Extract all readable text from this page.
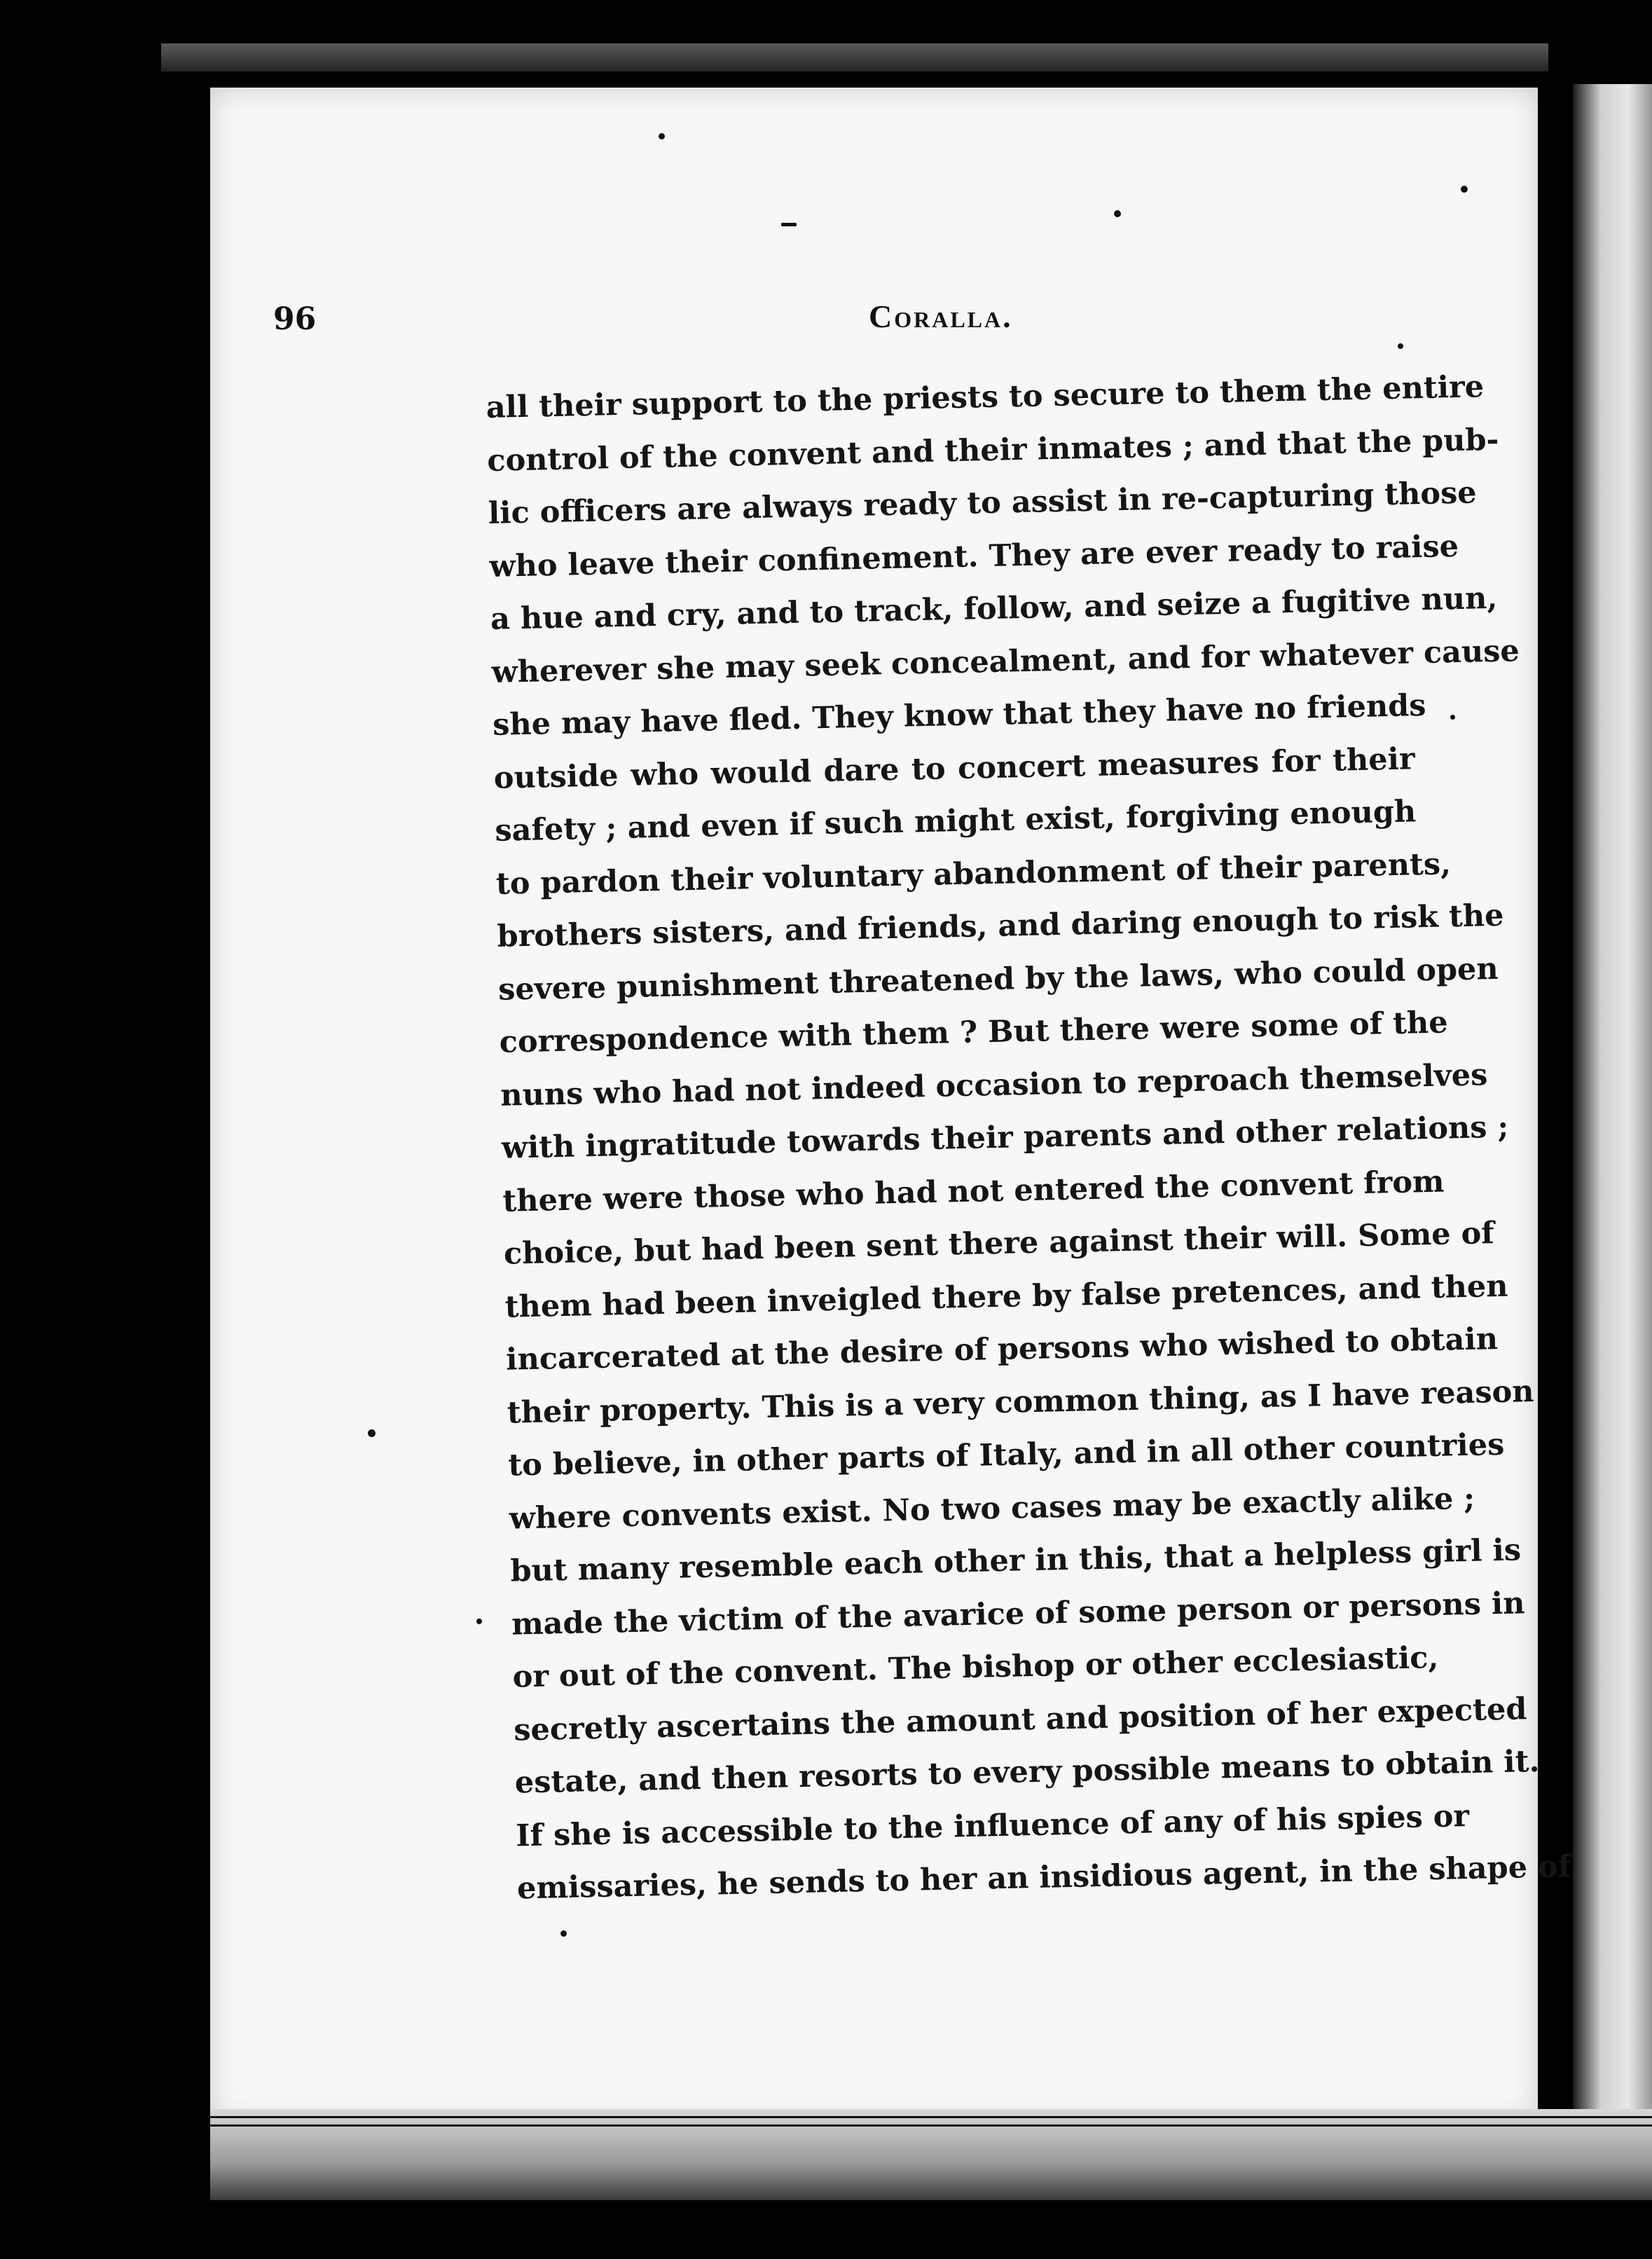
96	Coralla.
all their support to the priests to secure to them the entire
control of the convent and their inmates ; and that the pub-
lic officers are always ready to assist in re-capturing those
who leave their confinement. They are ever ready to raise
a hue and cry, and to track, follow, and seize a fugitive nun,
wherever she may seek concealment, and for whatever cause
she may have fled. They know that they have no friends
outside who would dare to concert measures for their
safety ; and even if such might exist, forgiving enough
to pardon their voluntary abandonment of their parents,
brothers sisters, and friends, and daring enough to risk the
severe punishment threatened by the laws, who could open
correspondence with them ? But there were some of the
nuns who had not indeed occasion to reproach themselves
with ingratitude towards their parents and other relations ;
there were those who had not entered the convent from
choice, but had been sent there against their will. Some of
them had been inveigled there by false pretences, and then
incarcerated at the desire of persons who wished to obtain
their property. This is a very common thing, as I have reason
to believe, in other parts of Italy, and in all other countries
where convents exist. No two cases may be exactly alike ;
but many resemble each other in this, that a helpless girl is
made the victim of the avarice of some person or persons in
or out of the convent. The bishop or other ecclesiastic,
secretly ascertains the amount and position of her expected
estate, and then resorts to every possible means to obtain it.
If she is accessible to the influence of any of his spies or
emissaries, he sends to her an insidious agent, in the shape of
